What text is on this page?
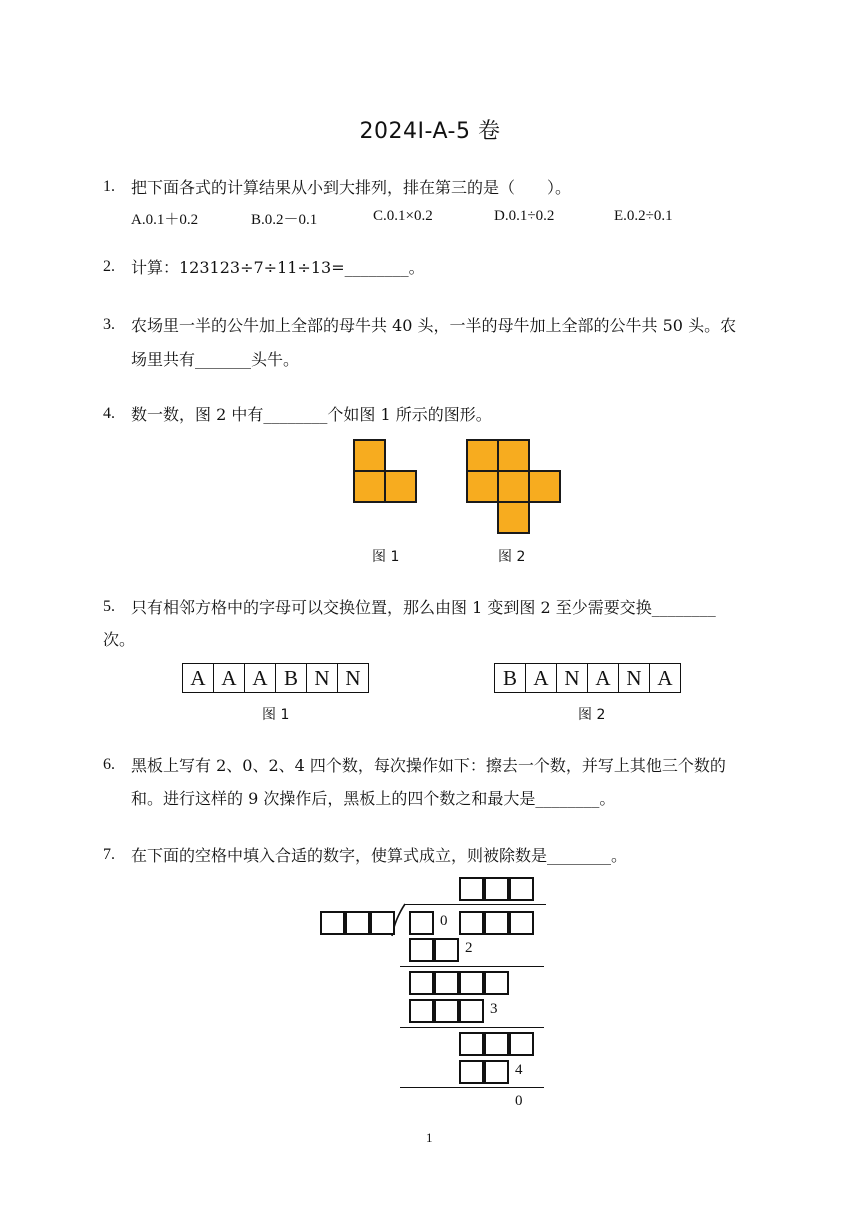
2024I-A-5 卷
1. 把下面各式的计算结果从小到大排列，排在第三的是（　　）。
A.0.1＋0.2	B.0.2－0.1	C.0.1×0.2	D.0.1÷0.2	E.0.2÷0.1
2. 计算：123123÷7÷11÷13=________。
3. 农场里一半的公牛加上全部的母牛共 40 头，一半的母牛加上全部的公牛共 50 头。农
场里共有_______头牛。
4. 数一数，图 2 中有________个如图 1 所示的图形。
图 1	图 2
5. 只有相邻方格中的字母可以交换位置，那么由图 1 变到图 2 至少需要交换________
次。
A A A B N N	B A N A N A
图 1	图 2
6. 黑板上写有 2、0、2、4 四个数，每次操作如下：擦去一个数，并写上其他三个数的
和。进行这样的 9 次操作后，黑板上的四个数之和最大是________。
7. 在下面的空格中填入合适的数字，使算式成立，则被除数是________。
0
2
3
4
0
1
